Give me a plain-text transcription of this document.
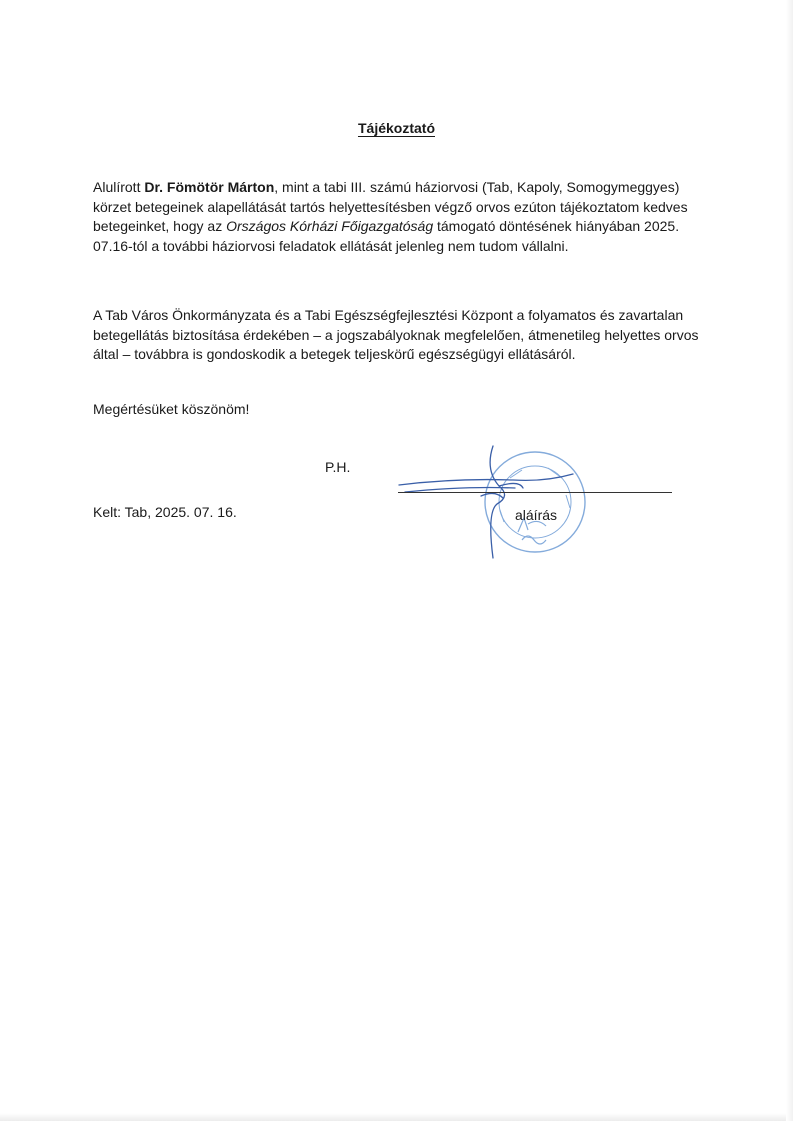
Tájékoztató

Alulírott Dr. Fömötör Márton, mint a tabi III. számú háziorvosi (Tab, Kapoly, Somogymeggyes) körzet betegeinek alapellátását tartós helyettesítésben végző orvos ezúton tájékoztatom kedves betegeinket, hogy az Országos Kórházi Főigazgatóság támogató döntésének hiányában 2025. 07.16-tól a további háziorvosi feladatok ellátását jelenleg nem tudom vállalni.

A Tab Város Önkormányzata és a Tabi Egészségfejlesztési Központ a folyamatos és zavartalan betegellátás biztosítása érdekében – a jogszabályoknak megfelelően, átmenetileg helyettes orvos által – továbbra is gondoskodik a betegek teljeskörű egészségügyi ellátásáról.

Megértésüket köszönöm!

P.H.
Kelt: Tab, 2025. 07. 16.	aláírás
